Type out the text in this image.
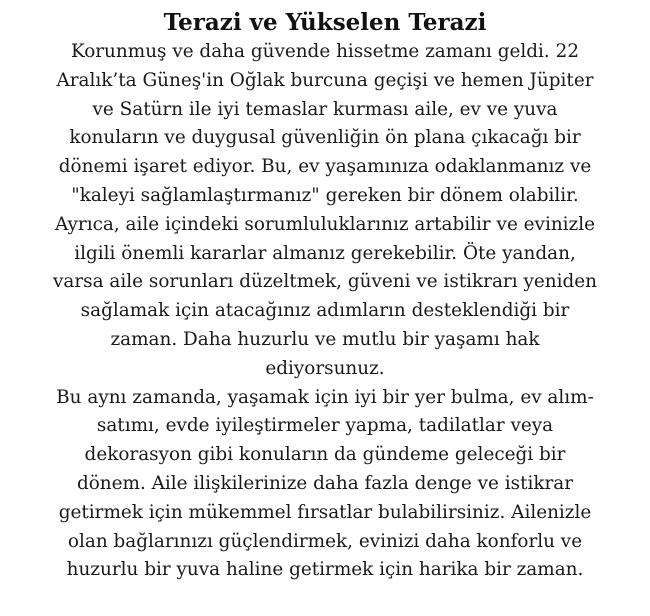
Terazi ve Yükselen Terazi
Korunmuş ve daha güvende hissetme zamanı geldi. 22
Aralık’ta Güneş'in Oğlak burcuna geçişi ve hemen Jüpiter
ve Satürn ile iyi temaslar kurması aile, ev ve yuva
konuların ve duygusal güvenliğin ön plana çıkacağı bir
dönemi işaret ediyor. Bu, ev yaşamınıza odaklanmanız ve
"kaleyi sağlamlaştırmanız" gereken bir dönem olabilir.
Ayrıca, aile içindeki sorumluluklarınız artabilir ve evinizle
ilgili önemli kararlar almanız gerekebilir. Öte yandan,
varsa aile sorunları düzeltmek, güveni ve istikrarı yeniden
sağlamak için atacağınız adımların desteklendiği bir
zaman. Daha huzurlu ve mutlu bir yaşamı hak
ediyorsunuz.
Bu aynı zamanda, yaşamak için iyi bir yer bulma, ev alım-
satımı, evde iyileştirmeler yapma, tadilatlar veya
dekorasyon gibi konuların da gündeme geleceği bir
dönem. Aile ilişkilerinize daha fazla denge ve istikrar
getirmek için mükemmel fırsatlar bulabilirsiniz. Ailenizle
olan bağlarınızı güçlendirmek, evinizi daha konforlu ve
huzurlu bir yuva haline getirmek için harika bir zaman.
